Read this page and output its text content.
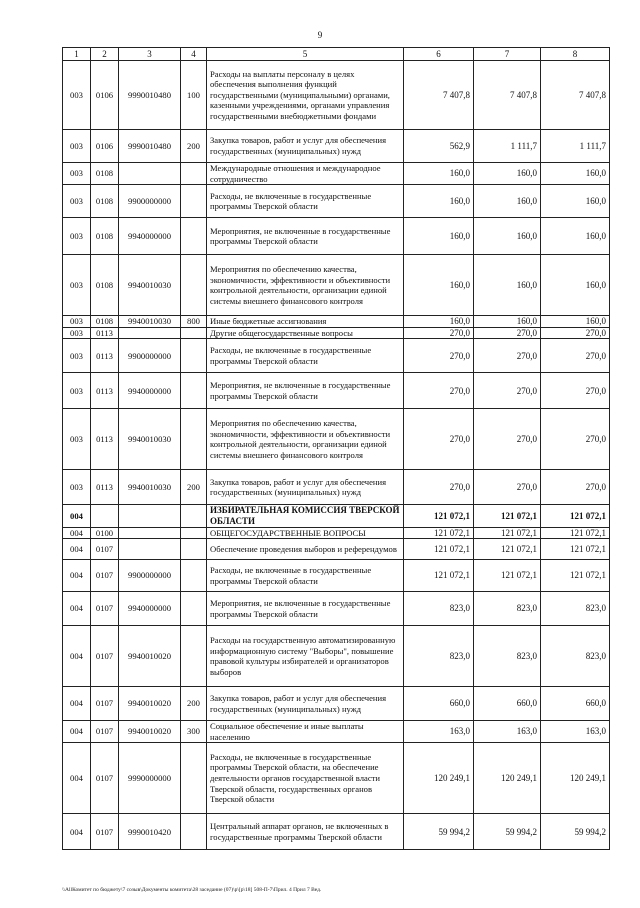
9
1	2	3	4	5	6	7	8
003	0106	9990010480	100	Расходы на выплаты персоналу в целях обеспечения выполнения функций государственными (муниципальными) органами, казенными учреждениями, органами управления государственными внебюджетными фондами	7 407,8	7 407,8	7 407,8
003	0106	9990010480	200	Закупка товаров, работ и услуг для обеспечения государственных (муниципальных) нужд	562,9	1 111,7	1 111,7
003	0108			Международные отношения и международное сотрудничество	160,0	160,0	160,0
003	0108	9900000000		Расходы, не включенные в государственные программы Тверской области	160,0	160,0	160,0
003	0108	9940000000		Мероприятия, не включенные в государственные программы Тверской области	160,0	160,0	160,0
003	0108	9940010030		Мероприятия по обеспечению качества, экономичности, эффективности и объективности контрольной деятельности, организации единой системы внешнего финансового контроля	160,0	160,0	160,0
003	0108	9940010030	800	Иные бюджетные ассигнования	160,0	160,0	160,0
003	0113			Другие общегосударственные вопросы	270,0	270,0	270,0
003	0113	9900000000		Расходы, не включенные в государственные программы Тверской области	270,0	270,0	270,0
003	0113	9940000000		Мероприятия, не включенные в государственные программы Тверской области	270,0	270,0	270,0
003	0113	9940010030		Мероприятия по обеспечению качества, экономичности, эффективности и объективности контрольной деятельности, организации единой системы внешнего финансового контроля	270,0	270,0	270,0
003	0113	9940010030	200	Закупка товаров, работ и услуг для обеспечения государственных (муниципальных) нужд	270,0	270,0	270,0
004				ИЗБИРАТЕЛЬНАЯ КОМИССИЯ ТВЕРСКОЙ ОБЛАСТИ	121 072,1	121 072,1	121 072,1
004	0100			ОБЩЕГОСУДАРСТВЕННЫЕ ВОПРОСЫ	121 072,1	121 072,1	121 072,1
004	0107			Обеспечение проведения выборов и референдумов	121 072,1	121 072,1	121 072,1
004	0107	9900000000		Расходы, не включенные в государственные программы Тверской области	121 072,1	121 072,1	121 072,1
004	0107	9940000000		Мероприятия, не включенные в государственные программы Тверской области	823,0	823,0	823,0
004	0107	9940010020		Расходы на государственную автоматизированную информационную систему "Выборы", повышение правовой культуры избирателей и организаторов выборов	823,0	823,0	823,0
004	0107	9940010020	200	Закупка товаров, работ и услуг для обеспечения государственных (муниципальных) нужд	660,0	660,0	660,0
004	0107	9940010020	300	Социальное обеспечение и иные выплаты населению	163,0	163,0	163,0
004	0107	9990000000		Расходы, не включенные в государственные программы Тверской области, на обеспечение деятельности органов государственной власти Тверской области, государственных органов Тверской области	120 249,1	120 249,1	120 249,1
004	0107	9990010420		Центральный аппарат органов, не включенных в государственные программы Тверской области	59 994,2	59 994,2	59 994,2
\\AllКомитет по бюджету\7 созыв\Документы комитета\28 заседание (07)\р\[р\18] 508-П-7\Прил. 4 Прил 7 Вед.
